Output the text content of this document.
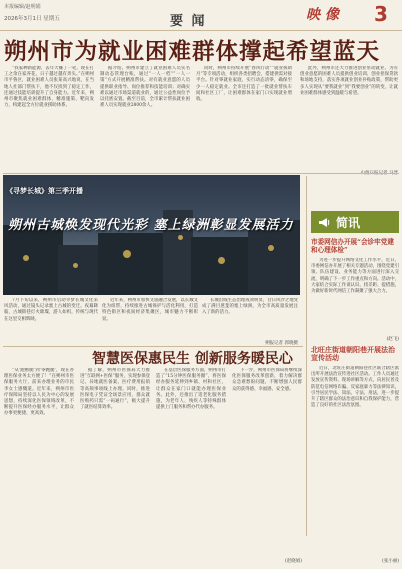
本报编辑/赵明娟
2026年3月1日 星期五	要 闻	映 像	3
朔州市为就业困难群体撑起希望蓝天

“我家种新能源，去年大赚了一笔，现在打工之余在家养花，日子越过越有奔头。”在朔州市平鲁区，就业困难人员张某高兴地说，在当地人社部门帮扶下，他不仅找到了稳定工作，还通过技能培训提升了自身能力。近年来，朔州市聚焦就业困难群体，精准施策、靶向发力，构建起全方位就业援助体系。

据介绍，朔州市建立了就业困难人员实名制动态管理台账，通过“一人一档”“一人一策”方式开展精准帮扶。对有就业意愿的人员提供职业指导、岗位推荐和技能培训；对确实难以通过市场渠道就业的，通过公益性岗位予以托底安置。截至目前，全市累计帮扶就业困难人员实现就业2800余人。

同时，朔州市持续开展“春风行动”“就业援助月”等专项活动，组织各类招聘会，搭建供需对接平台。针对零就业家庭，实行动态清零，确保至少一人稳定就业。全市还打造了一批就业帮扶车间和社区工厂，让困难群体在家门口实现就业增收。

此外，朔州市还大力推进创业带动就业，为有创业意愿的困难人员提供创业培训、创业担保贷款和场地支持，落实各项就业创业补贴政策，帮助更多人实现从“要我就业”到“我要创业”的转变，让就业困难群体感受到温暖与希望。

《寻梦长城》第三季开播
朔州古城焕发现代光彩 塞上绿洲彰显发展活力

7月下旬以来，朔州市启动寻梦长城文化采风活动，通过镜头记录塞上古城的变迁。夜幕降临，古城街巷灯火璀璨，游人如织，传统与现代在这里交相辉映。

近年来，朔州市加快文旅融合发展，以长城文化为纽带，持续推进古城保护与活化利用，打造特色街区和夜间经济集聚区，城市魅力不断彰显。

长城沿线生态治理成效明显，昔日风沙之地变成了满目葱茏的塞上绿洲，为全市高质量发展注入了新的活力。

朔报记者 郭晓摄
简讯
市委网信办开展“会诊牢党建和心理体检”

为进一步提升网络文化工作水平，近日，市委网信办开展了相关专题活动，围绕党建引领、队伍建设、业务能力等方面进行深入交流，明确了下一步工作重点和方向。活动中，大家结合实际工作谈认识、找差距、提措施，为做好新时代网信工作凝聚了强大合力。

(赵飞)
北旺庄街道朝阳巷开展法治宣传活动

近日，北旺庄街道朝阳巷社区联合辖区派出所开展法治宣传进社区活动。工作人员通过发放宣传资料、现场讲解等方式，向居民普及防范电信网络诈骗、反家庭暴力等法律知识，引导居民学法、知法、守法、用法，进一步提升了辖区群众的法治意识和自我保护能力，营造了良好的社区法治氛围。

(张小丽)
智慧医保惠民生 创新服务暖民心

“从‘跑断腿’到‘零跑腿’，现在办理医保业务太方便了！”在朔州市医保服务大厅，前来办理业务的市民李女士感慨道。近年来，朔州市医疗保障局坚持以人民为中心的发展思想，持续深化医保领域改革，不断提升医保经办服务水平，让群众办事更便捷、更高效。

据了解，朔州市医保局大力推进“互联网+医保”服务，实现参保登记、异地就医备案、医疗费用报销等高频事项线上办理。同时，推进医保电子凭证全场景应用，群众就医购药只需“一码通行”，极大提升了就医结算效率。

在基层医保服务方面，朔州市打造了“15分钟医保服务圈”，将医保经办服务延伸到乡镇、村和社区，让群众在家门口就能办理医保业务。此外，还推出了适老化服务措施，为老年人、残疾人等特殊群体提供上门服务和帮办代办服务。

下一步，朔州市医保局将继续深化医保服务改革创新，着力解决群众急难愁盼问题，不断增强人民群众的获得感、幸福感、安全感。

(赵晓娟)
